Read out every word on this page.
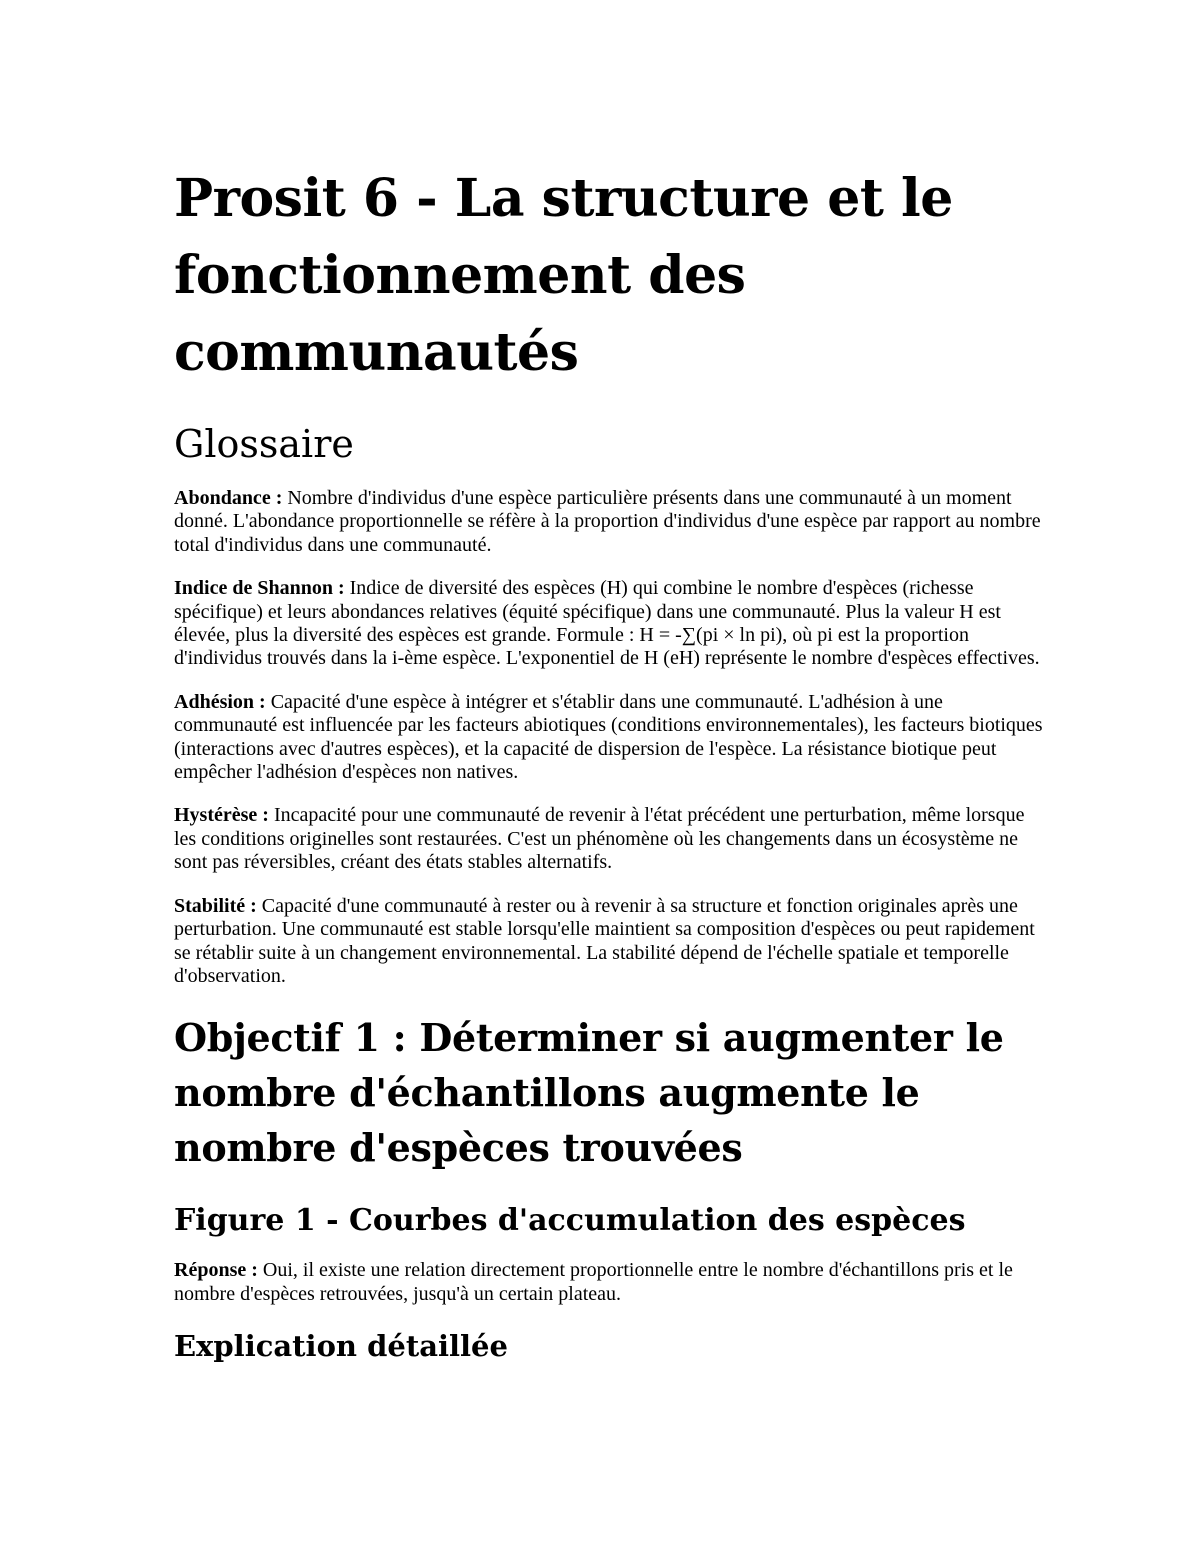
Prosit 6 - La structure et le fonctionnement des communautés
Glossaire

Abondance : Nombre d'individus d'une espèce particulière présents dans une communauté à un moment donné. L'abondance proportionnelle se réfère à la proportion d'individus d'une espèce par rapport au nombre total d'individus dans une communauté.

Indice de Shannon : Indice de diversité des espèces (H) qui combine le nombre d'espèces (richesse spécifique) et leurs abondances relatives (équité spécifique) dans une communauté. Plus la valeur H est élevée, plus la diversité des espèces est grande. Formule : H = -∑(pi × ln pi), où pi est la proportion d'individus trouvés dans la i-ème espèce. L'exponentiel de H (eH) représente le nombre d'espèces effectives.

Adhésion : Capacité d'une espèce à intégrer et s'établir dans une communauté. L'adhésion à une communauté est influencée par les facteurs abiotiques (conditions environnementales), les facteurs biotiques (interactions avec d'autres espèces), et la capacité de dispersion de l'espèce. La résistance biotique peut empêcher l'adhésion d'espèces non natives.

Hystérèse : Incapacité pour une communauté de revenir à l'état précédent une perturbation, même lorsque les conditions originelles sont restaurées. C'est un phénomène où les changements dans un écosystème ne sont pas réversibles, créant des états stables alternatifs.

Stabilité : Capacité d'une communauté à rester ou à revenir à sa structure et fonction originales après une perturbation. Une communauté est stable lorsqu'elle maintient sa composition d'espèces ou peut rapidement se rétablir suite à un changement environnemental. La stabilité dépend de l'échelle spatiale et temporelle d'observation.

Objectif 1 : Déterminer si augmenter le nombre d'échantillons augmente le nombre d'espèces trouvées
Figure 1 - Courbes d'accumulation des espèces

Réponse : Oui, il existe une relation directement proportionnelle entre le nombre d'échantillons pris et le nombre d'espèces retrouvées, jusqu'à un certain plateau.

Explication détaillée
